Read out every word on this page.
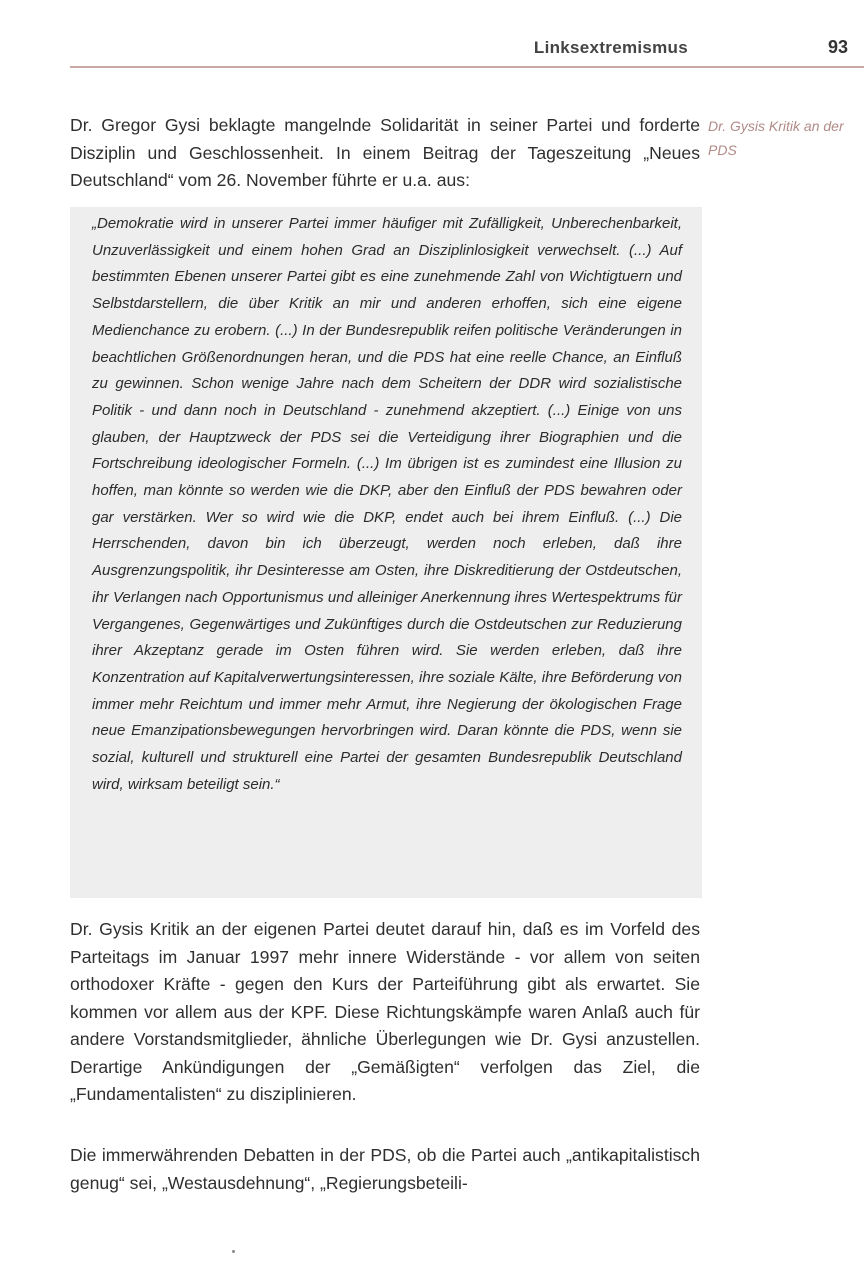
Linksextremismus	93

Dr. Gregor Gysi beklagte mangelnde Solidarität in seiner Partei und forderte Disziplin und Geschlossenheit. In einem Beitrag der Tageszeitung „Neues Deutschland“ vom 26. November führte er u.a. aus:

Dr. Gysis Kritik an der PDS

„Demokratie wird in unserer Partei immer häufiger mit Zufälligkeit, Unberechenbarkeit, Unzuverlässigkeit und einem hohen Grad an Disziplinlosigkeit verwechselt. (...) Auf bestimmten Ebenen unserer Partei gibt es eine zunehmende Zahl von Wichtigtuern und Selbstdarstellern, die über Kritik an mir und anderen erhoffen, sich eine eigene Medienchance zu erobern. (...) In der Bundesrepublik reifen politische Veränderungen in beachtlichen Größenordnungen heran, und die PDS hat eine reelle Chance, an Einfluß zu gewinnen. Schon wenige Jahre nach dem Scheitern der DDR wird sozialistische Politik - und dann noch in Deutschland - zunehmend akzeptiert. (...) Einige von uns glauben, der Hauptzweck der PDS sei die Verteidigung ihrer Biographien und die Fortschreibung ideologischer Formeln. (...) Im übrigen ist es zumindest eine Illusion zu hoffen, man könnte so werden wie die DKP, aber den Einfluß der PDS bewahren oder gar verstärken. Wer so wird wie die DKP, endet auch bei ihrem Einfluß. (...) Die Herrschenden, davon bin ich überzeugt, werden noch erleben, daß ihre Ausgrenzungspolitik, ihr Desinteresse am Osten, ihre Diskreditierung der Ostdeutschen, ihr Verlangen nach Opportunismus und alleiniger Anerkennung ihres Wertespektrums für Vergangenes, Gegenwärtiges und Zukünftiges durch die Ostdeutschen zur Reduzierung ihrer Akzeptanz gerade im Osten führen wird. Sie werden erleben, daß ihre Konzentration auf Kapitalverwertungsinteressen, ihre soziale Kälte, ihre Beförderung von immer mehr Reichtum und immer mehr Armut, ihre Negierung der ökologischen Frage neue Emanzipationsbewegungen hervorbringen wird. Daran könnte die PDS, wenn sie sozial, kulturell und strukturell eine Partei der gesamten Bundesrepublik Deutschland wird, wirksam beteiligt sein.“

Dr. Gysis Kritik an der eigenen Partei deutet darauf hin, daß es im Vorfeld des Parteitags im Januar 1997 mehr innere Widerstände - vor allem von seiten orthodoxer Kräfte - gegen den Kurs der Parteiführung gibt als erwartet. Sie kommen vor allem aus der KPF. Diese Richtungskämpfe waren Anlaß auch für andere Vorstandsmitglieder, ähnliche Überlegungen wie Dr. Gysi anzustellen. Derartige Ankündigungen der „Gemäßigten“ verfolgen das Ziel, die „Fundamentalisten“ zu disziplinieren.

Die immerwährenden Debatten in der PDS, ob die Partei auch „antikapitalistisch genug“ sei, „Westausdehnung“, „Regierungsbeteili-
